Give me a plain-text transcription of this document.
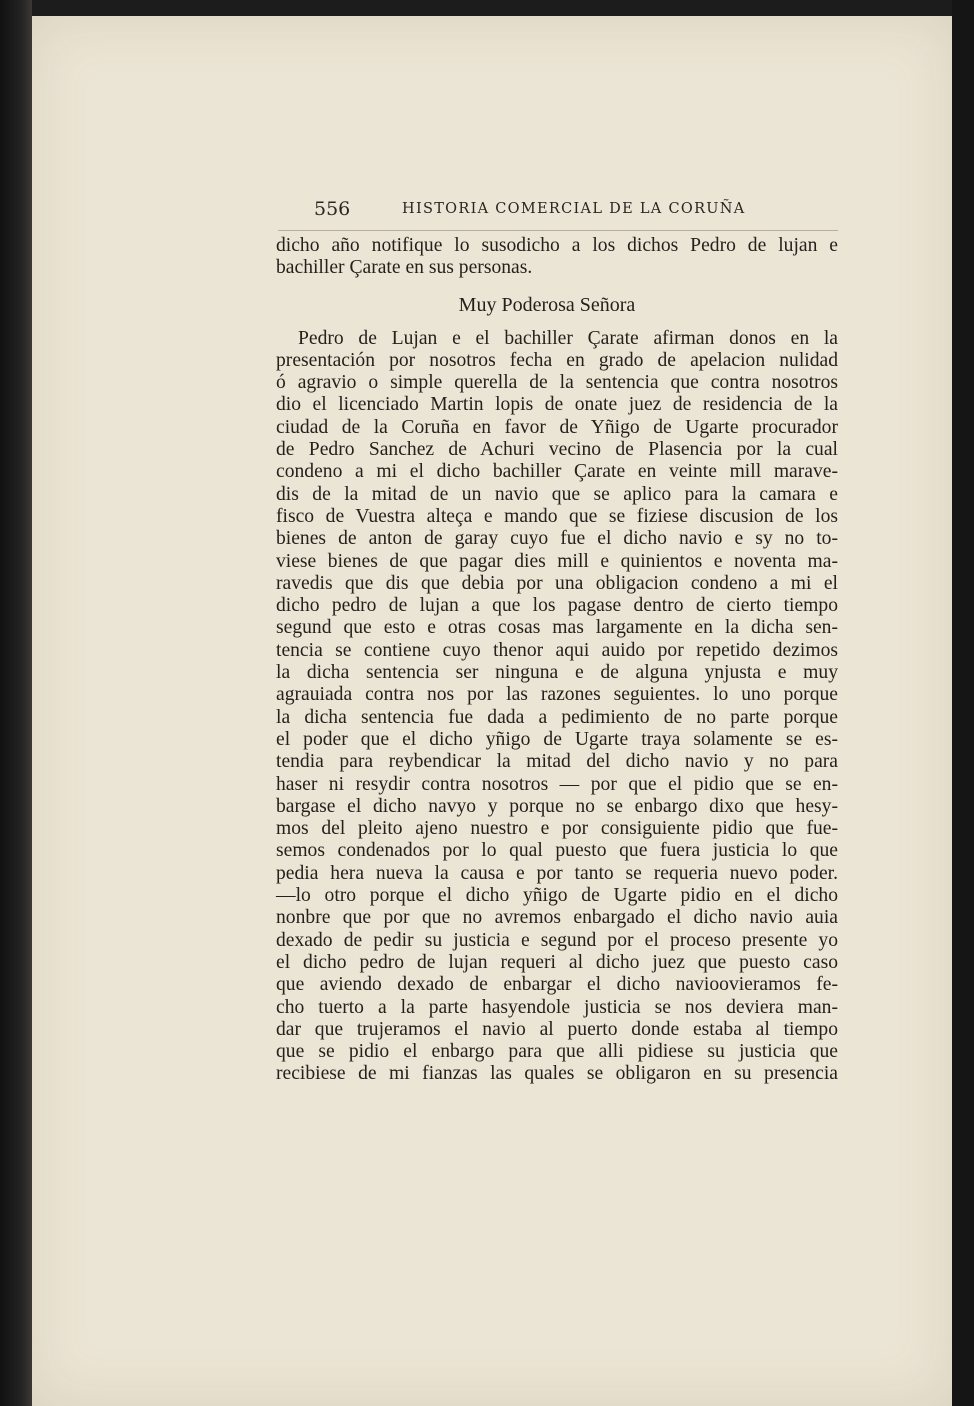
556	HISTORIA COMERCIAL DE LA CORUÑA
dicho año notifique lo susodicho a los dichos Pedro de lujan e
bachiller Çarate en sus personas.
Muy Poderosa Señora
Pedro de Lujan e el bachiller Çarate afirman donos en la
presentación por nosotros fecha en grado de apelacion nulidad
ó agravio o simple querella de la sentencia que contra nosotros
dio el licenciado Martin lopis de onate juez de residencia de la
ciudad de la Coruña en favor de Yñigo de Ugarte procurador
de Pedro Sanchez de Achuri vecino de Plasencia por la cual
condeno a mi el dicho bachiller Çarate en veinte mill marave-
dis de la mitad de un navio que se aplico para la camara e
fisco de Vuestra alteça e mando que se fiziese discusion de los
bienes de anton de garay cuyo fue el dicho navio e sy no to-
viese bienes de que pagar dies mill e quinientos e noventa ma-
ravedis que dis que debia por una obligacion condeno a mi el
dicho pedro de lujan a que los pagase dentro de cierto tiempo
segund que esto e otras cosas mas largamente en la dicha sen-
tencia se contiene cuyo thenor aqui auido por repetido dezimos
la dicha sentencia ser ninguna e de alguna ynjusta e muy
agrauiada contra nos por las razones seguientes. lo uno porque
la dicha sentencia fue dada a pedimiento de no parte porque
el poder que el dicho yñigo de Ugarte traya solamente se es-
tendia para reybendicar la mitad del dicho navio y no para
haser ni resydir contra nosotros — por que el pidio que se en-
bargase el dicho navyo y porque no se enbargo dixo que hesy-
mos del pleito ajeno nuestro e por consiguiente pidio que fue-
semos condenados por lo qual puesto que fuera justicia lo que
pedia hera nueva la causa e por tanto se requeria nuevo poder.
—lo otro porque el dicho yñigo de Ugarte pidio en el dicho
nonbre que por que no avremos enbargado el dicho navio auia
dexado de pedir su justicia e segund por el proceso presente yo
el dicho pedro de lujan requeri al dicho juez que puesto caso
que aviendo dexado de enbargar el dicho navioovieramos fe-
cho tuerto a la parte hasyendole justicia se nos deviera man-
dar que trujeramos el navio al puerto donde estaba al tiempo
que se pidio el enbargo para que alli pidiese su justicia que
recibiese de mi fianzas las quales se obligaron en su presencia
